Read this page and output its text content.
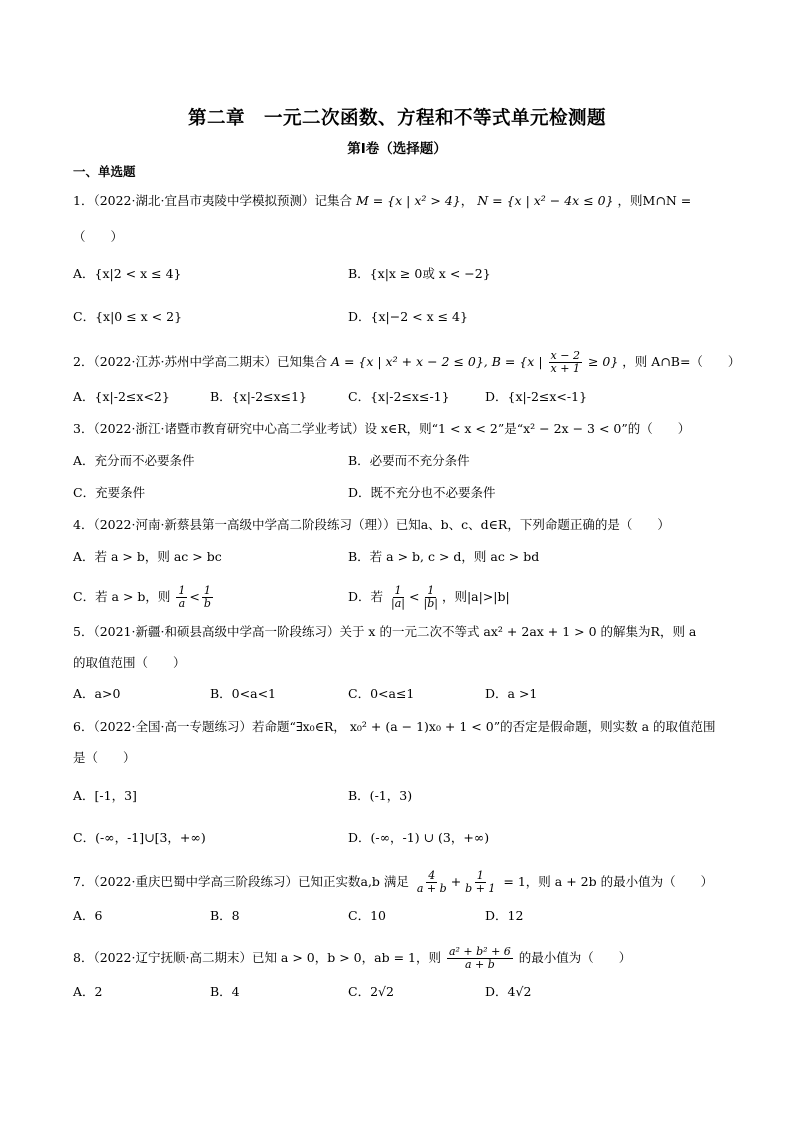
第二章　一元二次函数、方程和不等式单元检测题
第Ⅰ卷（选择题）
一、单选题
1．（2022·湖北·宜昌市夷陵中学模拟预测）记集合 M = {x | x² > 4}， N = {x | x² − 4x ≤ 0} ，则M∩N =
（　　）
A．{x|2 < x ≤ 4}	B．{x|x ≥ 0或 x < −2}
C．{x|0 ≤ x < 2}	D．{x|−2 < x ≤ 4}
2．（2022·江苏·苏州中学高二期末）已知集合 A = {x | x² + x − 2 ≤ 0}, B = {x | $\frac{x - 2}{x + 1} \ge 0$} ，则 A∩B=（　　）
A．{x|-2≤x<2}	B．{x|-2≤x≤1}	C．{x|-2≤x≤-1}	D．{x|-2≤x<-1}
3．（2022·浙江·诸暨市教育研究中心高二学业考试）设 x∈R，则“1 < x < 2”是“x² − 2x − 3 < 0”的（　　）
A．充分而不必要条件	B．必要而不充分条件
C．充要条件	D．既不充分也不必要条件
4．（2022·河南·新蔡县第一高级中学高二阶段练习（理））已知a、b、c、d∈R，下列命题正确的是（　　）
A．若 a > b，则 ac > bc	B．若 a > b, c > d，则 ac > bd
C．若 a > b，则 $\frac{1}{a} < \frac{1}{b}$	D．若 $\frac{1}{|a|} < \frac{1}{|b|}$ ，则|a|>|b|
5．（2021·新疆·和硕县高级中学高一阶段练习）关于 x 的一元二次不等式 ax² + 2ax + 1 > 0 的解集为R，则 a
的取值范围（　　）
A．a>0	B．0<a<1	C．0<a≤1	D．a >1
6．（2022·全国·高一专题练习）若命题“∃x₀∈R， x₀² + (a − 1)x₀ + 1 < 0”的否定是假命题，则实数 a 的取值范围
是（　　）
A．[-1，3]	B．(-1，3)
C．(-∞，-1]∪[3，+∞)	D．(-∞，-1) ∪ (3，+∞)
7．（2022·重庆巴蜀中学高三阶段练习）已知正实数a,b 满足 $\frac{4}{a + b} + \frac{1}{b + 1} = 1$，则 a + 2b 的最小值为（　　）
A．6	B．8	C．10	D．12
8．（2022·辽宁抚顺·高二期末）已知 a > 0，b > 0，ab = 1，则 $\frac{\text{a² + b² + 6}}{a + b}$ 的最小值为（　　）
A．2	B．4	C．2√2	D．4√2
